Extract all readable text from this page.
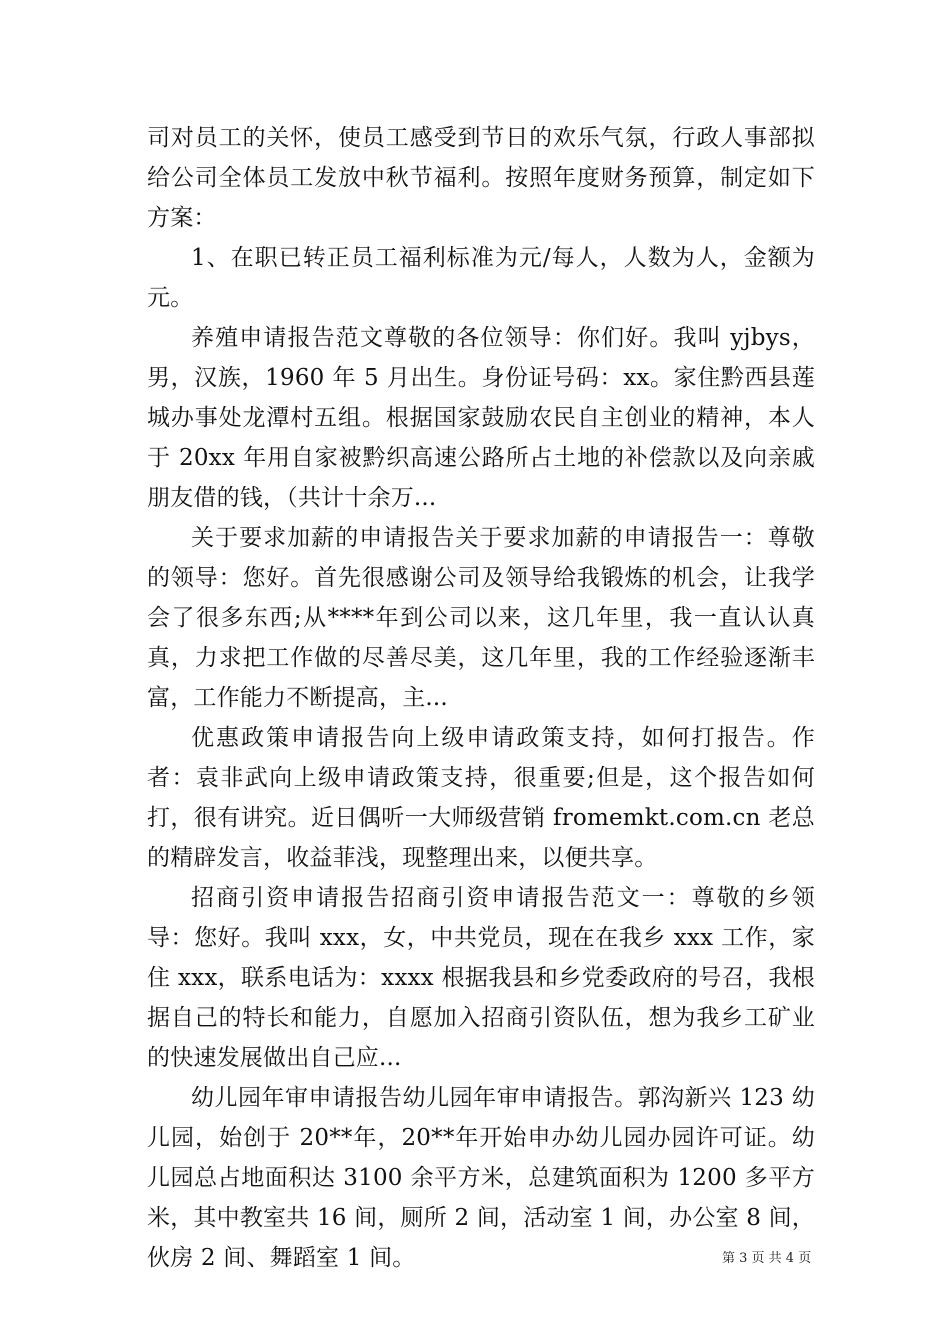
司对员工的关怀，使员工感受到节日的欢乐气氛，行政人事部拟给公司全体员工发放中秋节福利。按照年度财务预算，制定如下方案：

1、在职已转正员工福利标准为元/每人，人数为人，金额为元。

养殖申请报告范文尊敬的各位领导：你们好。我叫 yjbys，男，汉族，1960 年 5 月出生。身份证号码：xx。家住黔西县莲城办事处龙潭村五组。根据国家鼓励农民自主创业的精神，本人于 20xx 年用自家被黔织高速公路所占土地的补偿款以及向亲戚朋友借的钱，（共计十余万...

关于要求加薪的申请报告关于要求加薪的申请报告一：尊敬的领导：您好。首先很感谢公司及领导给我锻炼的机会，让我学会了很多东西;从****年到公司以来，这几年里，我一直认认真真，力求把工作做的尽善尽美，这几年里，我的工作经验逐渐丰富，工作能力不断提高，主...

优惠政策申请报告向上级申请政策支持，如何打报告。作者：袁非武向上级申请政策支持，很重要;但是，这个报告如何打，很有讲究。近日偶听一大师级营销 fromemkt.com.cn 老总的精辟发言，收益菲浅，现整理出来，以便共享。

招商引资申请报告招商引资申请报告范文一：尊敬的乡领导：您好。我叫 xxx，女，中共党员，现在在我乡 xxx 工作，家住 xxx，联系电话为：xxxx 根据我县和乡党委政府的号召，我根据自己的特长和能力，自愿加入招商引资队伍，想为我乡工矿业的快速发展做出自己应...

幼儿园年审申请报告幼儿园年审申请报告。郭沟新兴 123 幼儿园，始创于 20**年，20**年开始申办幼儿园办园许可证。幼儿园总占地面积达 3100 余平方米，总建筑面积为 1200 多平方米，其中教室共 16 间，厕所 2 间，活动室 1 间，办公室 8 间，伙房 2 间、舞蹈室 1 间。	第 3 页 共 4 页
